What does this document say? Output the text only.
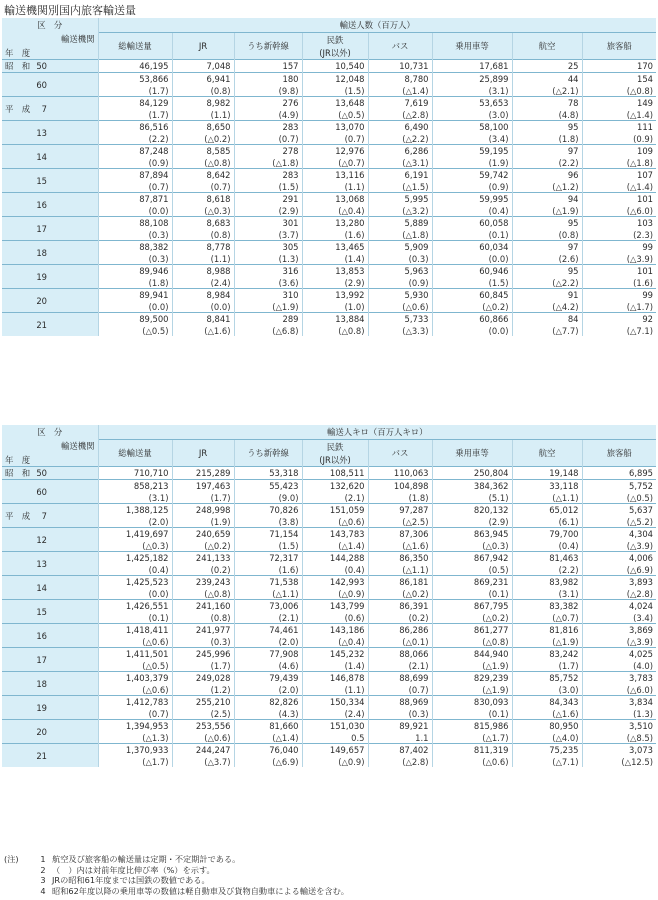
輸送機関別国内旅客輸送量
区　分	輸送人数（百万人）							
輸送機関	総輸送量	JR	うち新幹線	民鉄	バス	乗用車等	航空	旅客船
年　度				(JR以外)				
昭　和 50	46,195	7,048	157	10,540	10,731	17,681	25	170
60	53,866	6,941	180	12,048	8,780	25,899	44	154
	(1.7)	(0.8)	(9.8)	(1.5)	(△1.4)	(3.1)	(△2.1)	(△0.8)
平　成 7	84,129	8,982	276	13,648	7,619	53,653	78	149
	(1.7)	(1.1)	(4.9)	(△0.5)	(△2.8)	(3.0)	(4.8)	(△1.4)
13	86,516	8,650	283	13,070	6,490	58,100	95	111
	(2.2)	(△0.2)	(0.7)	(0.7)	(△2.2)	(3.4)	(1.8)	(0.9)
14	87,248	8,585	278	12,976	6,286	59,195	97	109
	(0.9)	(△0.8)	(△1.8)	(△0.7)	(△3.1)	(1.9)	(2.2)	(△1.8)
15	87,894	8,642	283	13,116	6,191	59,742	96	107
	(0.7)	(0.7)	(1.5)	(1.1)	(△1.5)	(0.9)	(△1.2)	(△1.4)
16	87,871	8,618	291	13,068	5,995	59,995	94	101
	(0.0)	(△0.3)	(2.9)	(△0.4)	(△3.2)	(0.4)	(△1.9)	(△6.0)
17	88,108	8,683	301	13,280	5,889	60,058	95	103
	(0.3)	(0.8)	(3.7)	(1.6)	(△1.8)	(0.1)	(0.8)	(2.3)
18	88,382	8,778	305	13,465	5,909	60,034	97	99
	(0.3)	(1.1)	(1.3)	(1.4)	(0.3)	(0.0)	(2.6)	(△3.9)
19	89,946	8,988	316	13,853	5,963	60,946	95	101
	(1.8)	(2.4)	(3.6)	(2.9)	(0.9)	(1.5)	(△2.2)	(1.6)
20	89,941	8,984	310	13,992	5,930	60,845	91	99
	(0.0)	(0.0)	(△1.9)	(1.0)	(△0.6)	(△0.2)	(△4.2)	(△1.7)
21	89,500	8,841	289	13,884	5,733	60,866	84	92
	(△0.5)	(△1.6)	(△6.8)	(△0.8)	(△3.3)	(0.0)	(△7.7)	(△7.1)
区　分	輸送人キロ（百万人キロ）							
輸送機関	総輸送量	JR	うち新幹線	民鉄	バス	乗用車等	航空	旅客船
年　度				(JR以外)				
昭　和 50	710,710	215,289	53,318	108,511	110,063	250,804	19,148	6,895
60	858,213	197,463	55,423	132,620	104,898	384,362	33,118	5,752
	(3.1)	(1.7)	(9.0)	(2.1)	(1.8)	(5.1)	(△1.1)	(△0.5)
平　成 7	1,388,125	248,998	70,826	151,059	97,287	820,132	65,012	5,637
	(2.0)	(1.9)	(3.8)	(△0.6)	(△2.5)	(2.9)	(6.1)	(△5.2)
12	1,419,697	240,659	71,154	143,783	87,306	863,945	79,700	4,304
	(△0.3)	(△0.2)	(1.5)	(△1.4)	(△1.6)	(△0.3)	(0.4)	(△3.9)
13	1,425,182	241,133	72,317	144,288	86,350	867,942	81,463	4,006
	(0.4)	(0.2)	(1.6)	(0.4)	(△1.1)	(0.5)	(2.2)	(△6.9)
14	1,425,523	239,243	71,538	142,993	86,181	869,231	83,982	3,893
	(0.0)	(△0.8)	(△1.1)	(△0.9)	(△0.2)	(0.1)	(3.1)	(△2.8)
15	1,426,551	241,160	73,006	143,799	86,391	867,795	83,382	4,024
	(0.1)	(0.8)	(2.1)	(0.6)	(0.2)	(△0.2)	(△0.7)	(3.4)
16	1,418,411	241,977	74,461	143,186	86,286	861,277	81,816	3,869
	(△0.6)	(0.3)	(2.0)	(△0.4)	(△0.1)	(△0.8)	(△1.9)	(△3.9)
17	1,411,501	245,996	77,908	145,232	88,066	844,940	83,242	4,025
	(△0.5)	(1.7)	(4.6)	(1.4)	(2.1)	(△1.9)	(1.7)	(4.0)
18	1,403,379	249,028	79,439	146,878	88,699	829,239	85,752	3,783
	(△0.6)	(1.2)	(2.0)	(1.1)	(0.7)	(△1.9)	(3.0)	(△6.0)
19	1,412,783	255,210	82,826	150,334	88,969	830,093	84,343	3,834
	(0.7)	(2.5)	(4.3)	(2.4)	(0.3)	(0.1)	(△1.6)	(1.3)
20	1,394,953	253,556	81,660	151,030	89,921	815,986	80,950	3,510
	(△1.3)	(△0.6)	(△1.4)	0.5	1.1	(△1.7)	(△4.0)	(△8.5)
21	1,370,933	244,247	76,040	149,657	87,402	811,319	75,235	3,073
	(△1.7)	(△3.7)	(△6.9)	(△0.9)	(△2.8)	(△0.6)	(△7.1)	(△12.5)
(注)	1 航空及び旅客船の輸送量は定期・不定期計である。
2 （　）内は対前年度比伸び率（%）を示す。
3 JRの昭和61年度までは国鉄の数値である。
4 昭和62年度以降の乗用車等の数値は軽自動車及び貨物自動車による輸送を含む。
